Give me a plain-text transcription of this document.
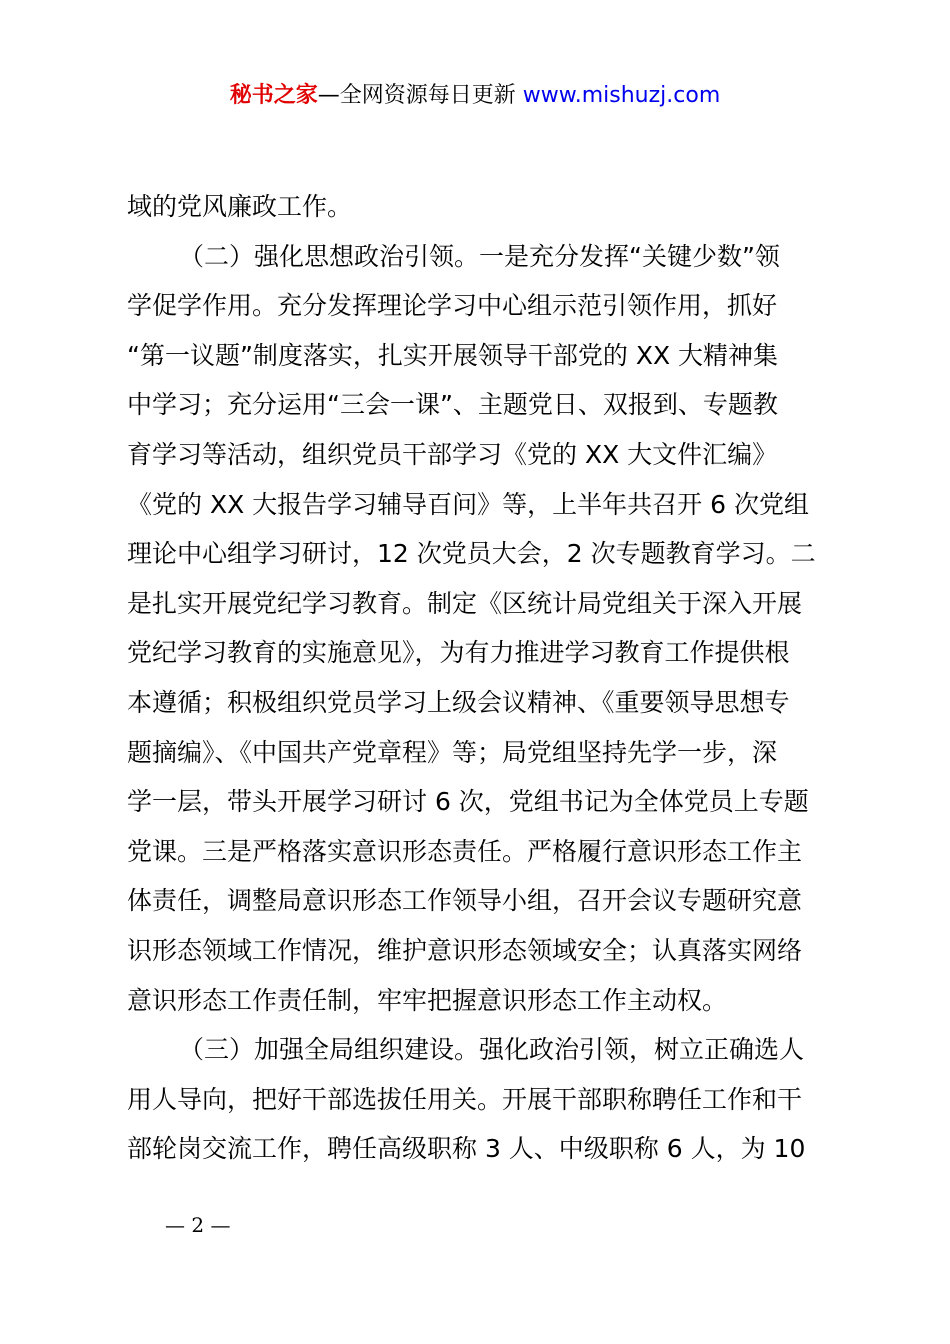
秘书之家—全网资源每日更新 www.mishuzj.com
域的党风廉政工作。
（二）强化思想政治引领。一是充分发挥“关键少数”领
学促学作用。充分发挥理论学习中心组示范引领作用，抓好
“第一议题”制度落实，扎实开展领导干部党的 XX 大精神集
中学习；充分运用“三会一课”、主题党日、双报到、专题教
育学习等活动，组织党员干部学习《党的 XX 大文件汇编》
《党的 XX 大报告学习辅导百问》等，上半年共召开 6 次党组
理论中心组学习研讨，12 次党员大会，2 次专题教育学习。二
是扎实开展党纪学习教育。制定《区统计局党组关于深入开展
党纪学习教育的实施意见》，为有力推进学习教育工作提供根
本遵循；积极组织党员学习上级会议精神、《重要领导思想专
题摘编》、《中国共产党章程》等；局党组坚持先学一步，深
学一层，带头开展学习研讨 6 次，党组书记为全体党员上专题
党课。三是严格落实意识形态责任。严格履行意识形态工作主
体责任，调整局意识形态工作领导小组，召开会议专题研究意
识形态领域工作情况，维护意识形态领域安全；认真落实网络
意识形态工作责任制，牢牢把握意识形态工作主动权。
（三）加强全局组织建设。强化政治引领，树立正确选人
用人导向，把好干部选拔任用关。开展干部职称聘任工作和干
部轮岗交流工作，聘任高级职称 3 人、中级职称 6 人，为 10
— 2 —
